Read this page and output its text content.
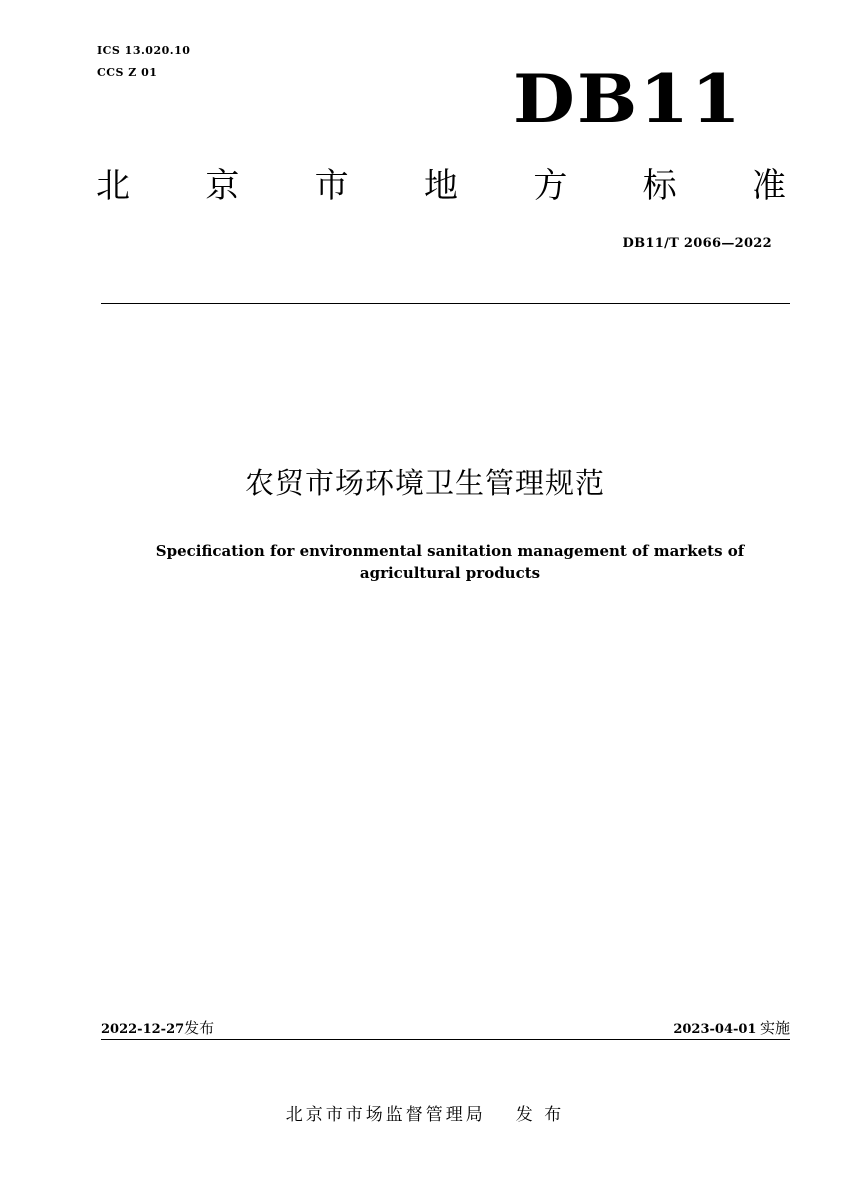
ICS 13.020.10
CCS Z 01	DB11
北 京 市 地 方 标 准
DB11/T 2066—2022
农贸市场环境卫生管理规范
Specification for environmental sanitation management of markets of
agricultural products
2022-12-27发布	2023-04-01 实施
北京市市场监督管理局 发 布
